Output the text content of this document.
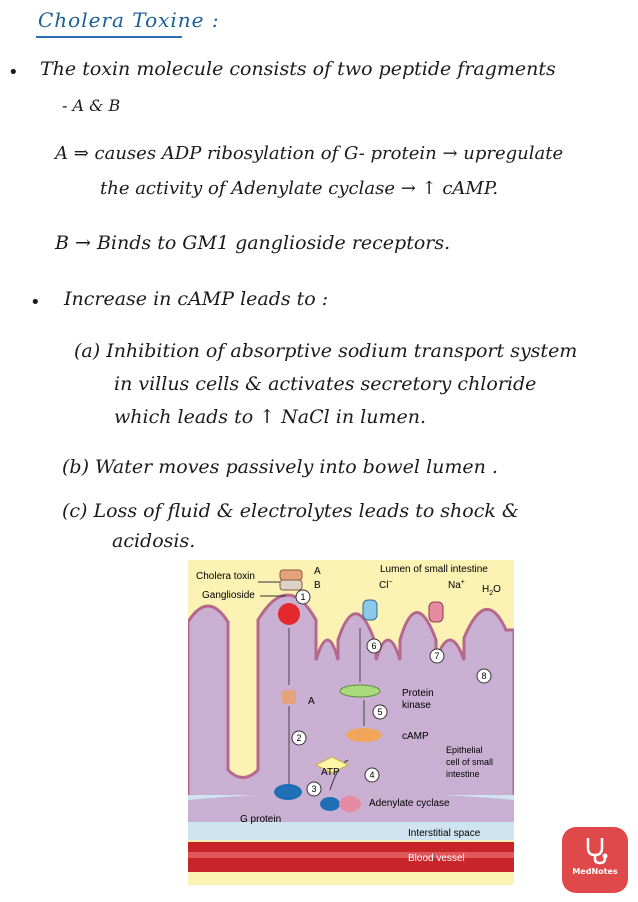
Cholera Toxine :
• The toxin molecule consists of two peptide fragments
- A & B
A ⇒ causes ADP ribosylation of G- protein → upregulate
the activity of Adenylate cyclase → ↑ cAMP.
B → Binds to GM1 ganglioside receptors.
• Increase in cAMP leads to :
(a) Inhibition of absorptive sodium transport system
in villus cells & activates secretory chloride
which leads to ↑ NaCl in lumen.
(b) Water moves passively into bowel lumen .
(c) Loss of fluid & electrolytes leads to shock &
acidosis.
1
2
3
4
5
6
7
8
Cholera toxin
Ganglioside
A
B
Lumen of small intestine
Cl−	Na+
$H_2O$
Protein
kinase
A
cAMP
Epithelial
cell of small
intestine
ATP
Adenylate cyclase
G protein
Interstitial space
Blood vessel
MedNotes
